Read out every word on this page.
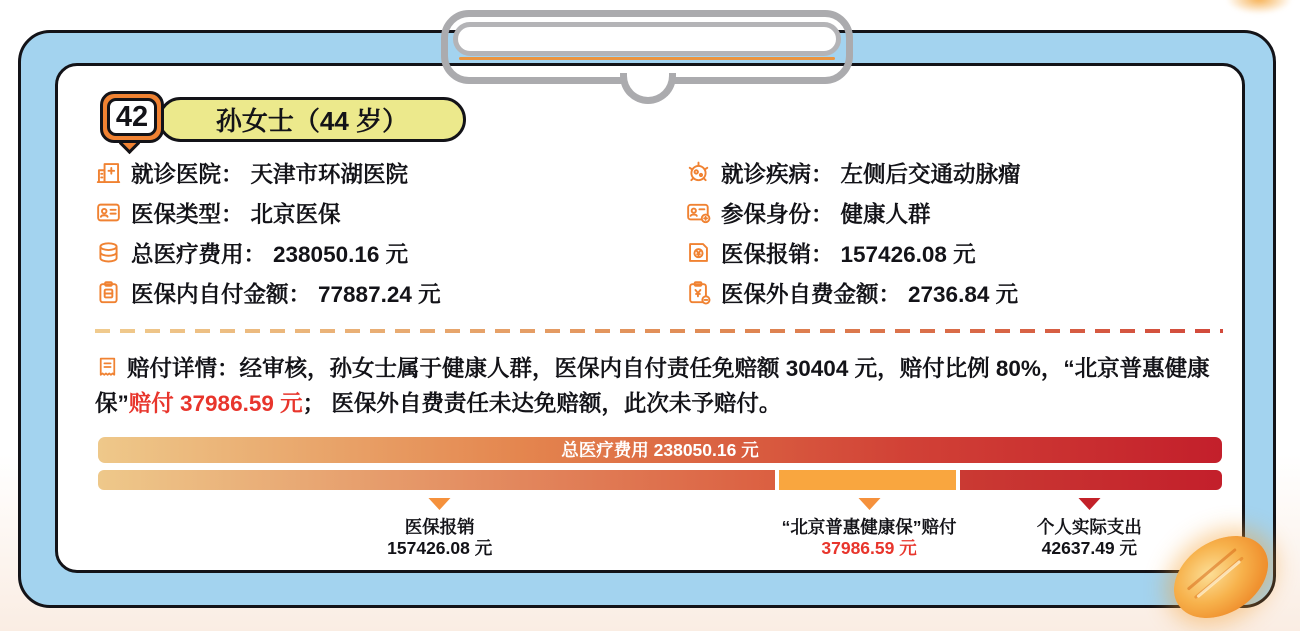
孙女士（44 岁）
42
就诊医院： 天津市环湖医院	就诊疾病： 左侧后交通动脉瘤
医保类型： 北京医保	参保身份： 健康人群
总医疗费用： 238050.16 元	医保报销： 157426.08 元
医保内自付金额： 77887.24 元	医保外自费金额： 2736.84 元
赔付详情：经审核，孙女士属于健康人群，医保内自付责任免赔额 30404 元，赔付比例 80%，“北京普惠健康保”赔付 37986.59 元； 医保外自费责任未达免赔额，此次未予赔付。
总医疗费用 238050.16 元
医保报销
157426.08 元
“北京普惠健康保”赔付
37986.59 元
个人实际支出
42637.49 元
